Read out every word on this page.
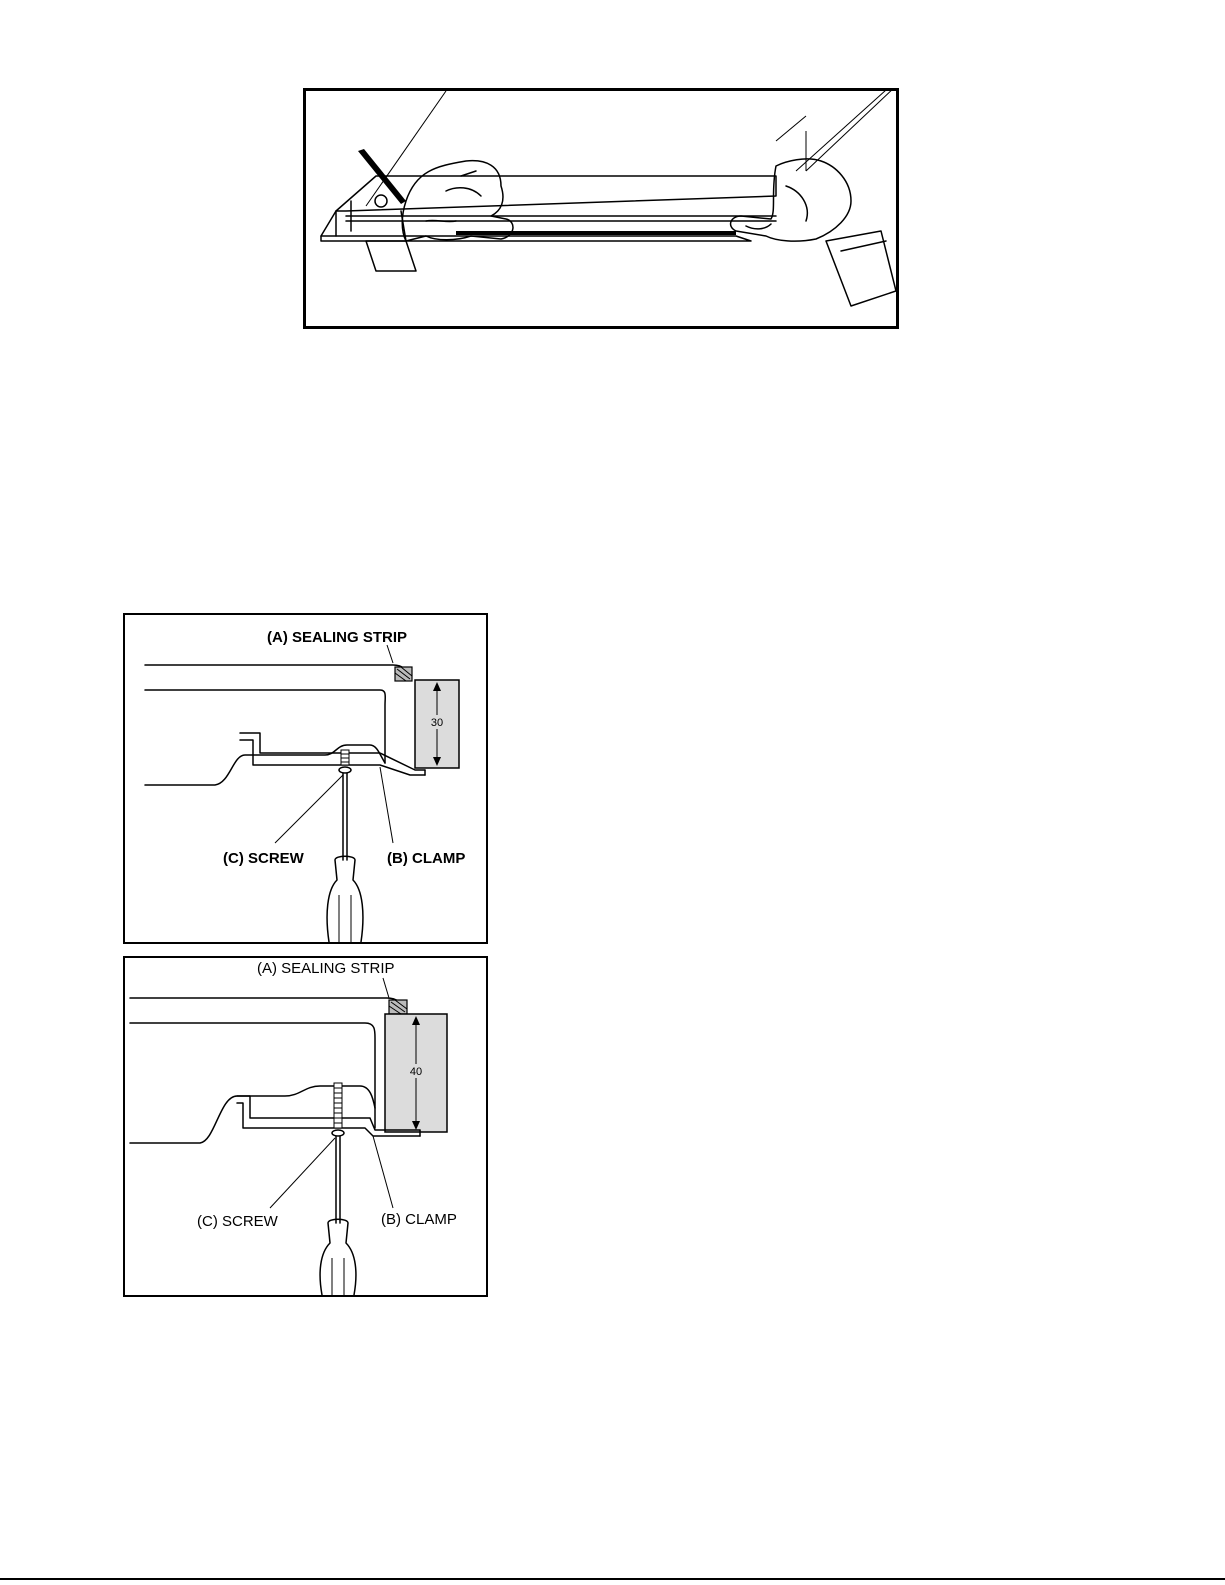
30
(A) SEALING STRIP
(C) SCREW	(B) CLAMP
40
(A) SEALING STRIP
(C) SCREW	(B) CLAMP
